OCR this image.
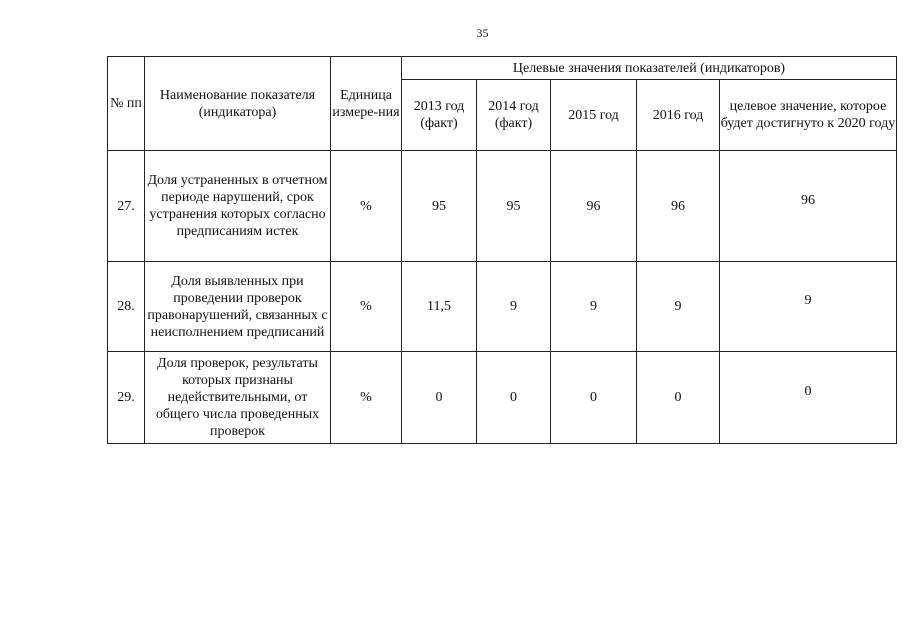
35
№ пп	Наименование показателя (индикатора)	Единица измере-ния	Целевые значения показателей (индикаторов)				
			2013 год (факт)	2014 год (факт)	2015 год	2016 год	целевое значение, которое будет достигнуто к 2020 году
27.	Доля устраненных в отчетном периоде нарушений, срок устранения которых согласно предписаниям истек	%	95	95	96	96	96
28.	Доля выявленных при проведении проверок правонарушений, связанных с неисполнением предписаний	%	11,5	9	9	9	9
29.	Доля проверок, результаты которых признаны недействительными, от общего числа проведенных проверок	%	0	0	0	0	0
